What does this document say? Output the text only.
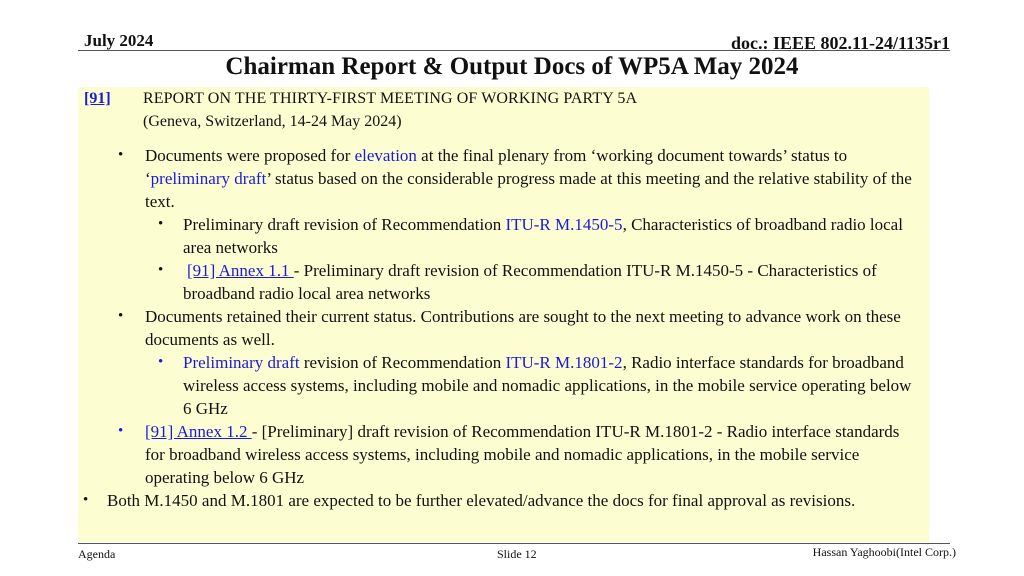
July 2024	doc.: IEEE 802.11-24/1135r1
Chairman Report & Output Docs of WP5A May 2024
[91] REPORT ON THE THIRTY-FIRST MEETING OF WORKING PARTY 5A
(Geneva, Switzerland, 14-24 May 2024)
• Documents were proposed for elevation at the final plenary from ‘working document towards’ status to ‘preliminary draft’ status based on the considerable progress made at this meeting and the relative stability of the text.
• Preliminary draft revision of Recommendation ITU-R M.1450-5, Characteristics of broadband radio local area networks
• [91] Annex 1.1 - Preliminary draft revision of Recommendation ITU-R M.1450-5 - Characteristics of broadband radio local area networks
• Documents retained their current status. Contributions are sought to the next meeting to advance work on these documents as well.
• Preliminary draft revision of Recommendation ITU-R M.1801-2, Radio interface standards for broadband wireless access systems, including mobile and nomadic applications, in the mobile service operating below 6 GHz
• [91] Annex 1.2 - [Preliminary] draft revision of Recommendation ITU-R M.1801-2 - Radio interface standards for broadband wireless access systems, including mobile and nomadic applications, in the mobile service operating below 6 GHz
• Both M.1450 and M.1801 are expected to be further elevated/advance the docs for final approval as revisions.
Agenda	Slide 12	Hassan Yaghoobi(Intel Corp.)
